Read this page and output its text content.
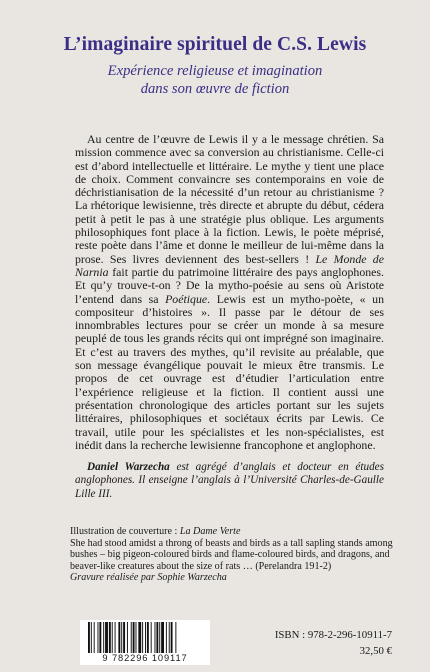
L’imaginaire spirituel de C.S. Lewis
Expérience religieuse et imagination
dans son œuvre de fiction

Au centre de l’œuvre de Lewis il y a le message chrétien. Sa mission commence avec sa conversion au christianisme. Celle-ci est d’abord intellectuelle et littéraire. Le mythe y tient une place de choix. Comment convaincre ses contemporains en voie de déchristianisation de la nécessité d’un retour au christianisme ? La rhétorique lewisienne, très directe et abrupte du début, cédera petit à petit le pas à une stratégie plus oblique. Les arguments philosophiques font place à la fiction. Lewis, le poète méprisé, reste poète dans l’âme et donne le meilleur de lui-même dans la prose. Ses livres deviennent des best-sellers ! Le Monde de Narnia fait partie du patrimoine littéraire des pays anglophones. Et qu’y trouve-t-on ? De la mytho-poésie au sens où Aristote l’entend dans sa Poétique. Lewis est un mytho-poète, « un compositeur d’histoires ». Il passe par le détour de ses innombrables lectures pour se créer un monde à sa mesure peuplé de tous les grands récits qui ont imprégné son imaginaire. Et c’est au travers des mythes, qu’il revisite au préalable, que son message évangélique pouvait le mieux être transmis. Le propos de cet ouvrage est d’étudier l’articulation entre l’expérience religieuse et la fiction. Il contient aussi une présentation chronologique des articles portant sur les sujets littéraires, philosophiques et sociétaux écrits par Lewis. Ce travail, utile pour les spécialistes et les non-spécialistes, est inédit dans la recherche lewisienne francophone et anglophone.

Daniel Warzecha est agrégé d’anglais et docteur en études anglophones. Il enseigne l’anglais à l’Université Charles-de-Gaulle Lille III.

Illustration de couverture : La Dame Verte
She had stood amidst a throng of beasts and birds as a tall sapling stands among
bushes – big pigeon-coloured birds and flame-coloured birds, and dragons, and
beaver-like creatures about the size of rats … (Perelandra 191-2)
Gravure réalisée par Sophie Warzecha
9 782296 109117
ISBN : 978-2-296-10911-7
32,50 €
